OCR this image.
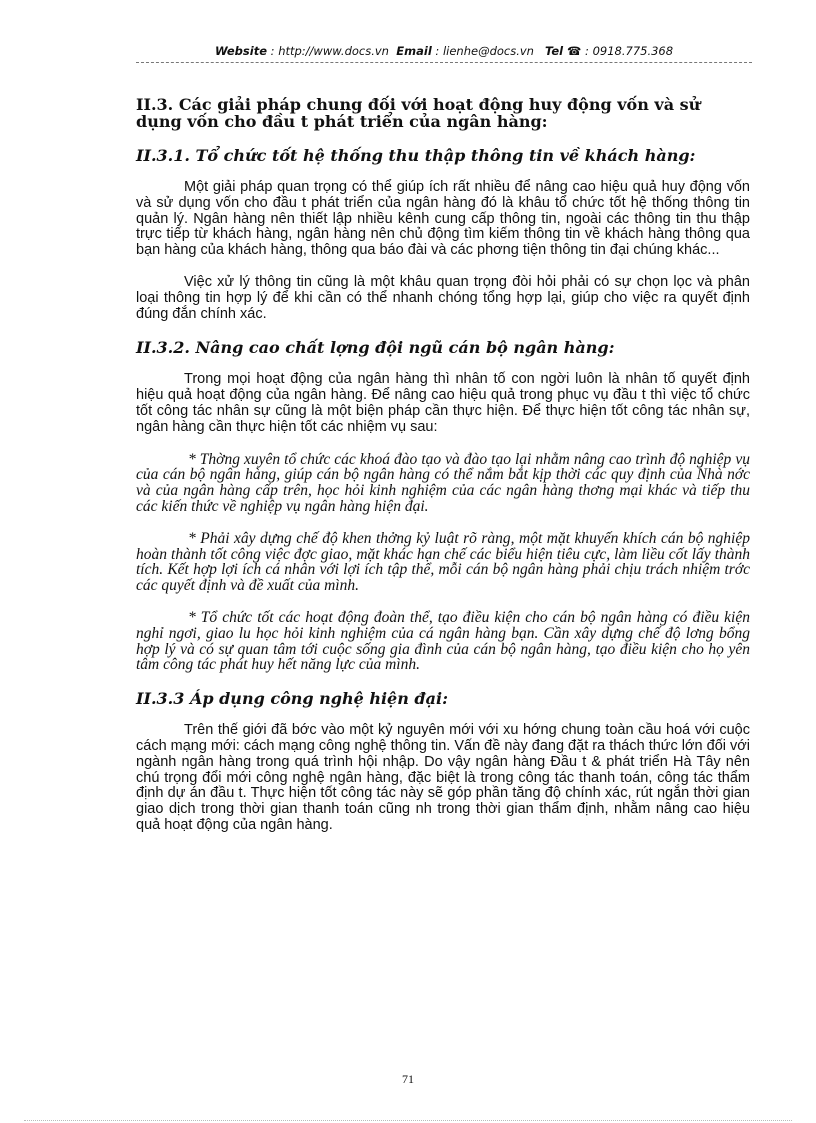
Website : http://www.docs.vn Email : lienhe@docs.vn Tel ☎ : 0918.775.368
II.3. Các giải pháp chung đối với hoạt động huy động vốn và sử dụng vốn cho đầu t phát triển của ngân hàng:
II.3.1. Tổ chức tốt hệ thống thu thập thông tin về khách hàng:

Một giải pháp quan trọng có thể giúp ích rất nhiều để nâng cao hiệu quả huy động vốn và sử dụng vốn cho đầu t phát triển của ngân hàng đó là khâu tổ chức tốt hệ thống thông tin quản lý. Ngân hàng nên thiết lập nhiều kênh cung cấp thông tin, ngoài các thông tin thu thập trực tiếp từ khách hàng, ngân hàng nên chủ động tìm kiếm thông tin về khách hàng thông qua bạn hàng của khách hàng, thông qua báo đài và các phơng tiện thông tin đại chúng khác...

Việc xử lý thông tin cũng là một khâu quan trọng đòi hỏi phải có sự chọn lọc và phân loại thông tin hợp lý để khi cần có thể nhanh chóng tổng hợp lại, giúp cho việc ra quyết định đúng đắn chính xác.

II.3.2. Nâng cao chất lợng đội ngũ cán bộ ngân hàng:

Trong mọi hoạt động của ngân hàng thì nhân tố con ngời luôn là nhân tố quyết định hiệu quả hoạt động của ngân hàng. Để nâng cao hiệu quả trong phục vụ đầu t thì việc tổ chức tốt công tác nhân sự cũng là một biện pháp cần thực hiện. Để thực hiện tốt công tác nhân sự, ngân hàng cần thực hiện tốt các nhiệm vụ sau:

* Thờng xuyên tổ chức các khoá đào tạo và đào tạo lại nhằm nâng cao trình độ nghiệp vụ của cán bộ ngân hàng, giúp cán bộ ngân hàng có thể nắm bắt kịp thời các quy định của Nhà nớc và của ngân hàng cấp trên, học hỏi kinh nghiệm của các ngân hàng thơng mại khác và tiếp thu các kiến thức về nghiệp vụ ngân hàng hiện đại.

* Phải xây dựng chế độ khen thởng kỷ luật rõ ràng, một mặt khuyến khích cán bộ nghiệp hoàn thành tốt công việc đợc giao, mặt khác hạn chế các biểu hiện tiêu cực, làm liều cốt lấy thành tích. Kết hợp lợi ích cá nhân với lợi ích tập thể, mỗi cán bộ ngân hàng phải chịu trách nhiệm trớc các quyết định và đề xuất của mình.

* Tổ chức tốt các hoạt động đoàn thể, tạo điều kiện cho cán bộ ngân hàng có điều kiện nghỉ ngơi, giao lu học hỏi kinh nghiệm của cá ngân hàng bạn. Cần xây dựng chế độ lơng bổng hợp lý và có sự quan tâm tới cuộc sống gia đình của cán bộ ngân hàng, tạo điều kiện cho họ yên tâm công tác phát huy hết năng lực của mình.

II.3.3 Áp dụng công nghệ hiện đại:

Trên thế giới đã bớc vào một kỷ nguyên mới với xu hớng chung toàn cầu hoá với cuộc cách mạng mới: cách mạng công nghệ thông tin. Vấn đề này đang đặt ra thách thức lớn đối với ngành ngân hàng trong quá trình hội nhập. Do vậy ngân hàng Đầu t & phát triển Hà Tây nên chú trọng đổi mới công nghệ ngân hàng, đặc biệt là trong công tác thanh toán, công tác thẩm định dự án đầu t. Thực hiện tốt công tác này sẽ góp phần tăng độ chính xác, rút ngắn thời gian giao dịch trong thời gian thanh toán cũng nh trong thời gian thẩm định, nhằm nâng cao hiệu quả hoạt động của ngân hàng.

71
